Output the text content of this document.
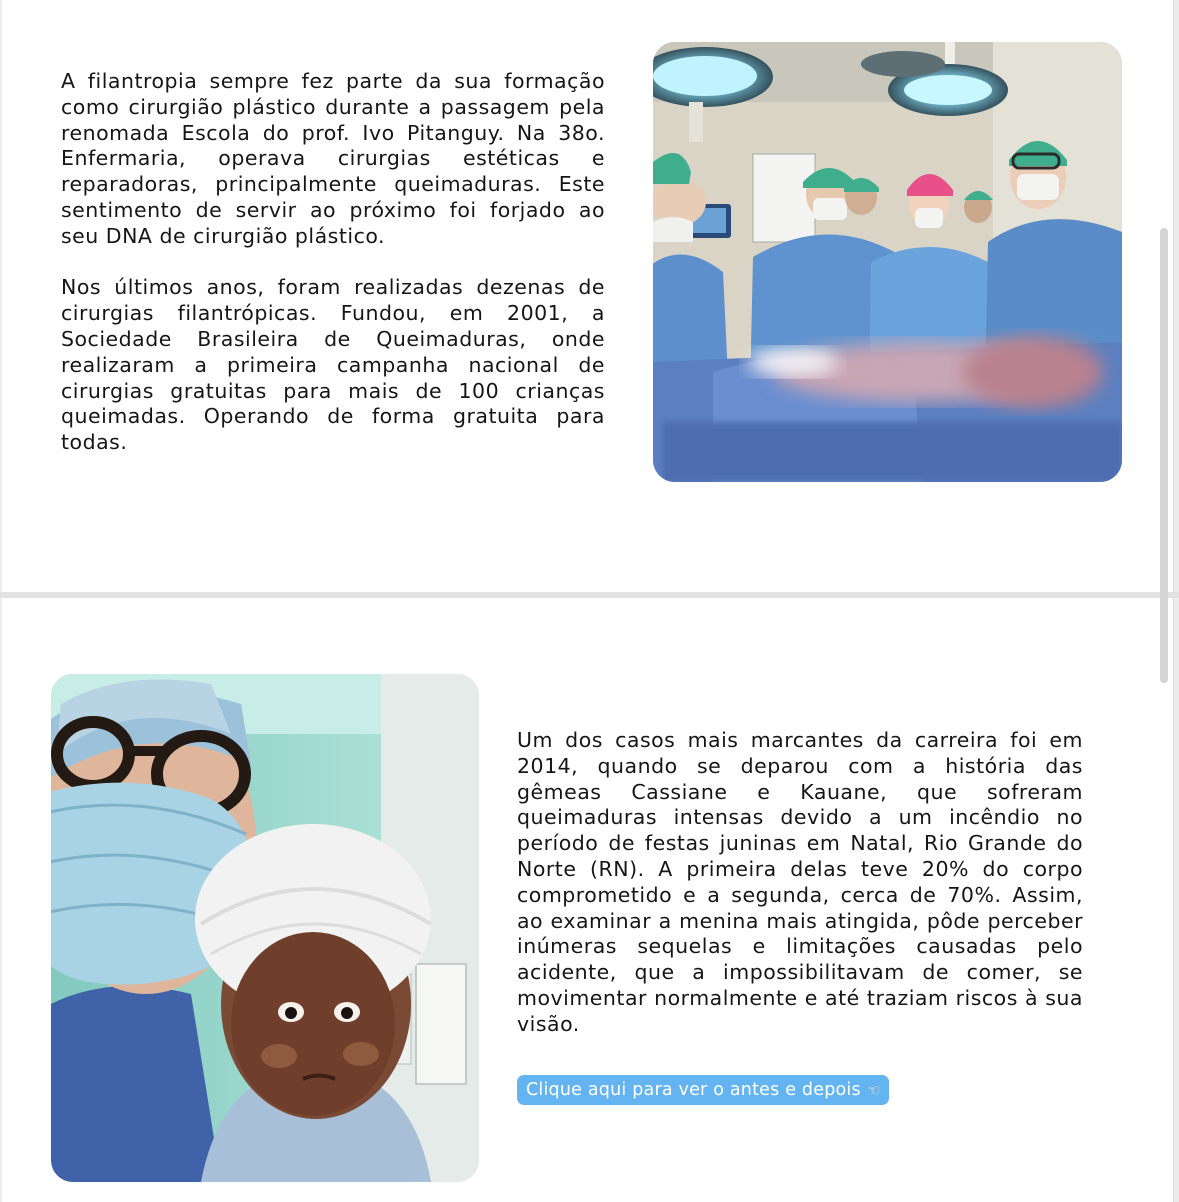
A filantropia sempre fez parte da sua formação como cirurgião plástico durante a passagem pela renomada Escola do prof. Ivo Pitanguy. Na 38o. Enfermaria, operava cirurgias estéticas e reparadoras, principalmente queimaduras. Este sentimento de servir ao próximo foi forjado ao seu DNA de cirurgião plástico.

Nos últimos anos, foram realizadas dezenas de cirurgias filantrópicas. Fundou, em 2001, a Sociedade Brasileira de Queimaduras, onde realizaram a primeira campanha nacional de cirurgias gratuitas para mais de 100 crianças queimadas. Operando de forma gratuita para todas.

Um dos casos mais marcantes da carreira foi em 2014, quando se deparou com a história das gêmeas Cassiane e Kauane, que sofreram queimaduras intensas devido a um incêndio no período de festas juninas em Natal, Rio Grande do Norte (RN). A primeira delas teve 20% do corpo comprometido e a segunda, cerca de 70%. Assim, ao examinar a menina mais atingida, pôde perceber inúmeras sequelas e limitações causadas pelo acidente, que a impossibilitavam de comer, se movimentar normalmente e até traziam riscos à sua visão.

Clique aqui para ver o antes e depois ☜
